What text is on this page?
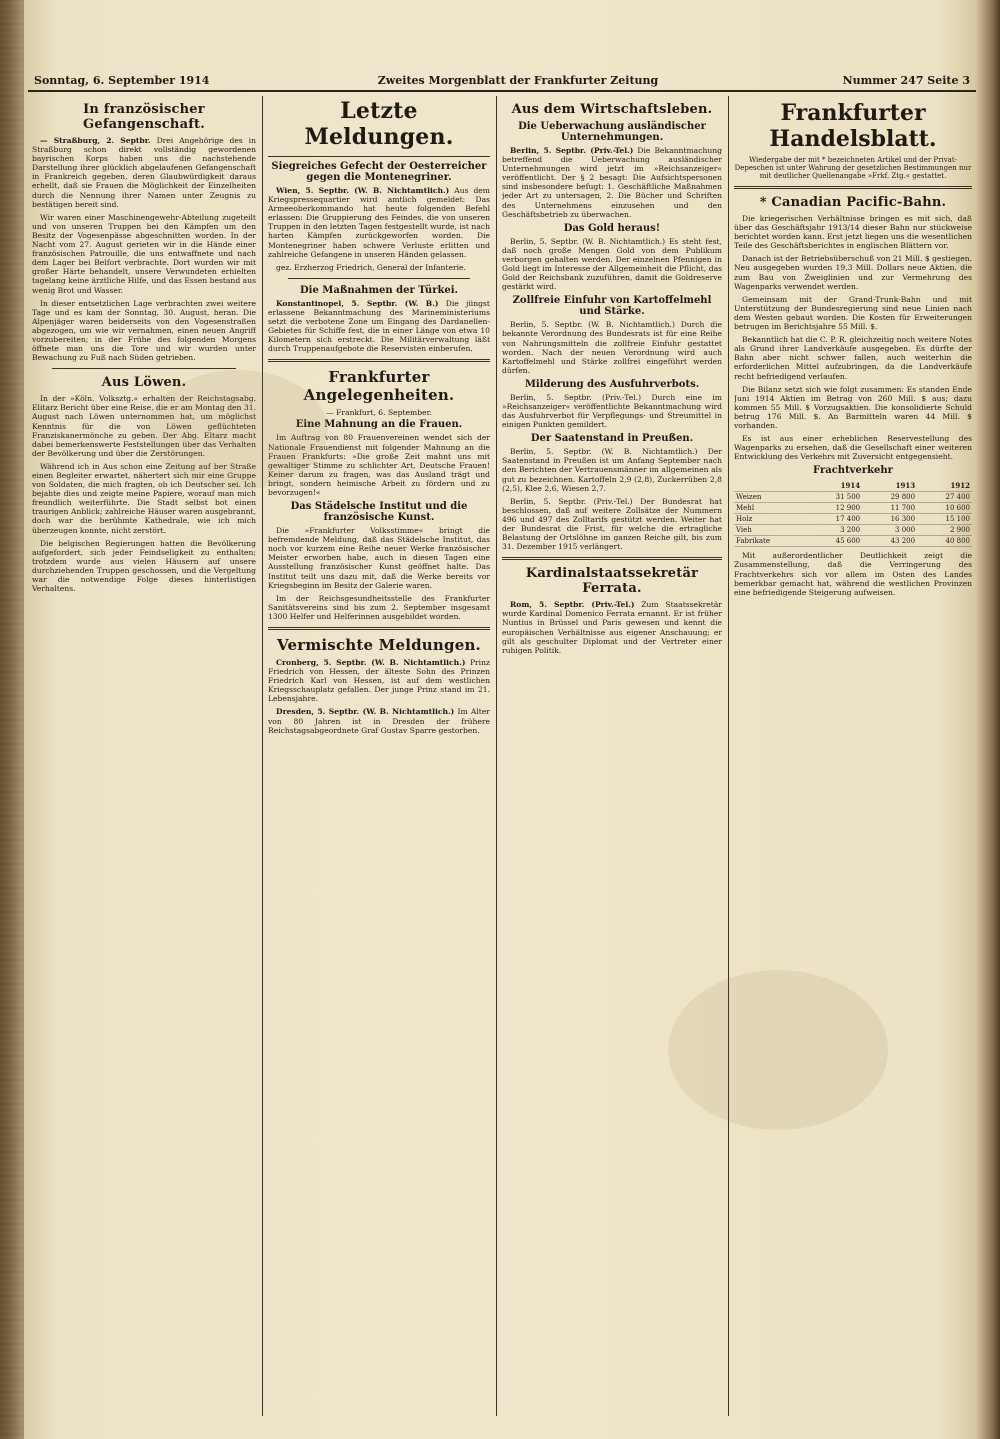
Sonntag, 6. September 1914	Zweites Morgenblatt der Frankfurter Zeitung	Nummer 247 Seite 3
In französischer Gefangenschaft.

— Straßburg, 2. Septbr. Drei Angehörige des in Straßburg schon direkt vollständig gewordenen bayrischen Korps haben uns die nachstehende Darstellung ihrer glücklich abgelaufenen Gefangenschaft in Frankreich gegeben, deren Glaubwürdigkeit daraus erhellt, daß sie Frauen die Möglichkeit der Einzelheiten durch die Nennung ihrer Namen unter Zeugnis zu bestätigen bereit sind.

Wir waren einer Maschinengewehr-Abteilung zugeteilt und von unseren Truppen bei den Kämpfen um den Besitz der Vogesenpässe abgeschnitten worden. In der Nacht vom 27. August gerieten wir in die Hände einer französischen Patrouille, die uns entwaffnete und nach dem Lager bei Belfort verbrachte. Dort wurden wir mit großer Härte behandelt, unsere Verwundeten erhielten tagelang keine ärztliche Hilfe, und das Essen bestand aus wenig Brot und Wasser.

In dieser entsetzlichen Lage verbrachten zwei weitere Tage und es kam der Sonntag, 30. August, heran. Die Alpenjäger waren beiderseits von den Vogesenstraßen abgezogen, um wie wir vernahmen, einen neuen Angriff vorzubereiten; in der Frühe des folgenden Morgens öffnete man uns die Tore und wir wurden unter Bewachung zu Fuß nach Süden getrieben.

Aus Löwen.

In der »Köln. Volksztg.« erhalten der Reichstagsabg. Elitarz Bericht über eine Reise, die er am Montag den 31. August nach Löwen unternommen hat, um möglichst Kenntnis für die von Löwen geflüchteten Franziskanermönche zu geben. Der Abg. Eltarz macht dabei bemerkenswerte Feststellungen über das Verhalten der Bevölkerung und über die Zerstörungen.

Während ich in Aus schon eine Zeitung auf ber Straße einen Begleiter erwartet, nähertert sich mir eine Gruppe von Soldaten, die mich fragten, ob ich Deutscher sei. Ich bejahte dies und zeigte meine Papiere, worauf man mich freundlich weiterführte. Die Stadt selbst bot einen traurigen Anblick; zahlreiche Häuser waren ausgebrannt, doch war die berühmte Kathedrale, wie ich mich überzeugen konnte, nicht zerstört.

Die belgischen Regierungen hatten die Bevölkerung aufgefordert, sich jeder Feindseligkeit zu enthalten; trotzdem wurde aus vielen Häusern auf unsere durchziehenden Truppen geschossen, und die Vergeltung war die notwendige Folge dieses hinterlistigen Verhaltens.

Letzte Meldungen.
Siegreiches Gefecht der Oesterreicher gegen die Montenegriner.

Wien, 5. Septbr. (W. B. Nichtamtlich.) Aus dem Kriegspressequartier wird amtlich gemeldet: Das Armeeoberkommando hat heute folgenden Befehl erlassen: Die Gruppierung des Feindes, die von unseren Truppen in den letzten Tagen festgestellt wurde, ist nach harten Kämpfen zurückgeworfen worden. Die Montenegriner haben schwere Verluste erlitten und zahlreiche Gefangene in unseren Händen gelassen.

gez. Erzherzog Friedrich, General der Infanterie.

Die Maßnahmen der Türkei.

Konstantinopel, 5. Septbr. (W. B.) Die jüngst erlassene Bekanntmachung des Marineministeriums setzt die verbotene Zone um Eingang des Dardanellen-Gebietes für Schiffe fest, die in einer Länge von etwa 10 Kilometern sich erstreckt. Die Militärverwaltung läßt durch Truppenaufgebote die Reservisten einberufen.

Frankfurter Angelegenheiten.

— Frankfurt, 6. September.

Eine Mahnung an die Frauen.

Im Auftrag von 80 Frauenvereinen wendet sich der Nationale Frauendienst mit folgender Mahnung an die Frauen Frankfurts: »Die große Zeit mahnt uns mit gewaltiger Stimme zu schlichter Art, Deutsche Frauen! Keiner darum zu fragen, was das Ausland trägt und bringt, sondern heimische Arbeit zu fördern und zu bevorzugen!«

Das Städelsche Institut und die französische Kunst.

Die »Frankfurter Volksstimme« bringt die befremdende Meldung, daß das Städelsche Institut, das noch vor kurzem eine Reihe neuer Werke französischer Meister erworben habe, auch in diesen Tagen eine Ausstellung französischer Kunst geöffnet halte. Das Institut teilt uns dazu mit, daß die Werke bereits vor Kriegsbeginn im Besitz der Galerie waren.

Im der Reichsgesundheitsstelle des Frankfurter Sanitätsvereins sind bis zum 2. September insgesamt 1300 Helfer und Helferinnen ausgebildet worden.

Vermischte Meldungen.

Cronberg, 5. Septbr. (W. B. Nichtamtlich.) Prinz Friedrich von Hessen, der älteste Sohn des Prinzen Friedrich Karl von Hessen, ist auf dem westlichen Kriegsschauplatz gefallen. Der junge Prinz stand im 21. Lebensjahre.

Dresden, 5. Septbr. (W. B. Nichtamtlich.) Im Alter von 80 Jahren ist in Dresden der frühere Reichstagsabgeordnete Graf Gustav Sparre gestorben.

Aus dem Wirtschaftsleben.
Die Ueberwachung ausländischer Unternehmungen.

Berlin, 5. Septbr. (Priv.-Tel.) Die Bekanntmachung betreffend die Ueberwachung ausländischer Unternehmungen wird jetzt im »Reichsanzeiger« veröffentlicht. Der § 2 besagt: Die Aufsichtspersonen sind insbesondere befugt: 1. Geschäftliche Maßnahmen jeder Art zu untersagen, 2. Die Bücher und Schriften des Unternehmens einzusehen und den Geschäftsbetrieb zu überwachen.

Das Gold heraus!

Berlin, 5. Septbr. (W. B. Nichtamtlich.) Es steht fest, daß noch große Mengen Gold von dem Publikum verborgen gehalten werden. Der einzelnen Pfennigen in Gold liegt im Interesse der Allgemeinheit die Pflicht, das Gold der Reichsbank zuzuführen, damit die Goldreserve gestärkt wird.

Zollfreie Einfuhr von Kartoffelmehl und Stärke.

Berlin, 5. Septbr. (W. B. Nichtamtlich.) Durch die bekannte Verordnung des Bundesrats ist für eine Reihe von Nahrungsmitteln die zollfreie Einfuhr gestattet worden. Nach der neuen Verordnung wird auch Kartoffelmehl und Stärke zollfrei eingeführt werden dürfen.

Milderung des Ausfuhrverbots.

Berlin, 5. Septbr. (Priv.-Tel.) Durch eine im »Reichsanzeiger« veröffentlichte Bekanntmachung wird das Ausfuhrverbot für Verpflegungs- und Streumittel in einigen Punkten gemildert.

Der Saatenstand in Preußen.

Berlin, 5. Septbr. (W. B. Nichtamtlich.) Der Saatenstand in Preußen ist um Anfang September nach den Berichten der Vertrauensmänner im allgemeinen als gut zu bezeichnen. Kartoffeln 2,9 (2,8), Zuckerrüben 2,8 (2,5), Klee 2,6, Wiesen 2,7.

Berlin, 5. Septbr. (Priv.-Tel.) Der Bundesrat hat beschlossen, daß auf weitere Zollsätze der Nummern 496 und 497 des Zolltarifs gestützt werden. Weiter hat der Bundesrat die Frist, für welche die ertragliche Belastung der Ortslöhne im ganzen Reiche gilt, bis zum 31. Dezember 1915 verlängert.

Kardinalstaatssekretär Ferrata.

Rom, 5. Septbr. (Priv.-Tel.) Zum Staatssekretär wurde Kardinal Domenico Ferrata ernannt. Er ist früher Nuntius in Brüssel und Paris gewesen und kennt die europäischen Verhältnisse aus eigener Anschauung; er gilt als geschulter Diplomat und der Vertreter einer ruhigen Politik.

Frankfurter Handelsblatt.
Wiedergabe der mit * bezeichneten Artikel und der Privat-Depeschen ist unter Wahrung der gesetzlichen Bestimmungen nur mit deutlicher Quellenangabe »Frkf. Ztg.« gestattet.
* Canadian Pacific-Bahn.

Die kriegerischen Verhältnisse bringen es mit sich, daß über das Geschäftsjahr 1913/14 dieser Bahn nur stückweise berichtet worden kann. Erst jetzt liegen uns die wesentlichen Teile des Geschäftsberichtes in englischen Blättern vor.

Danach ist der Betriebsüberschuß von 21 Mill. $ gestiegen. Neu ausgegeben wurden 19,3 Mill. Dollars neue Aktien, die zum Bau von Zweiglinien und zur Vermehrung des Wagenparks verwendet werden.

Gemeinsam mit der Grand-Trunk-Bahn und mit Unterstützung der Bundesregierung sind neue Linien nach dem Westen gebaut worden. Die Kosten für Erweiterungen betrugen im Berichtsjahre 55 Mill. $.

Bekanntlich hat die C. P. R. gleichzeitig noch weitere Notes als Grund ihrer Landverkäufe ausgegeben. Es dürfte der Bahn aber nicht schwer fallen, auch weiterhin die erforderlichen Mittel aufzubringen, da die Landverkäufe recht befriedigend verlaufen.

Die Bilanz setzt sich wie folgt zusammen: Es standen Ende Juni 1914 Aktien im Betrag von 260 Mill. $ aus; dazu kommen 55 Mill. $ Vorzugsaktien. Die konsolidierte Schuld betrug 176 Mill. $. An Barmitteln waren 44 Mill. $ vorhanden.

Es ist aus einer erheblichen Reservestellung des Wagenparks zu ersehen, daß die Gesellschaft einer weiteren Entwicklung des Verkehrs mit Zuversicht entgegensieht.

Frachtverkehr
	1914	1913	1912
Weizen	31 500	29 800	27 400
Mehl	12 900	11 700	10 600
Holz	17 400	16 300	15 100
Vieh	3 200	3 000	2 900
Fabrikate	45 600	43 200	40 800

Mit außerordentlicher Deutlichkeit zeigt die Zusammenstellung, daß die Verringerung des Frachtverkehrs sich vor allem im Osten des Landes bemerkbar gemacht hat, während die westlichen Provinzen eine befriedigende Steigerung aufweisen.
